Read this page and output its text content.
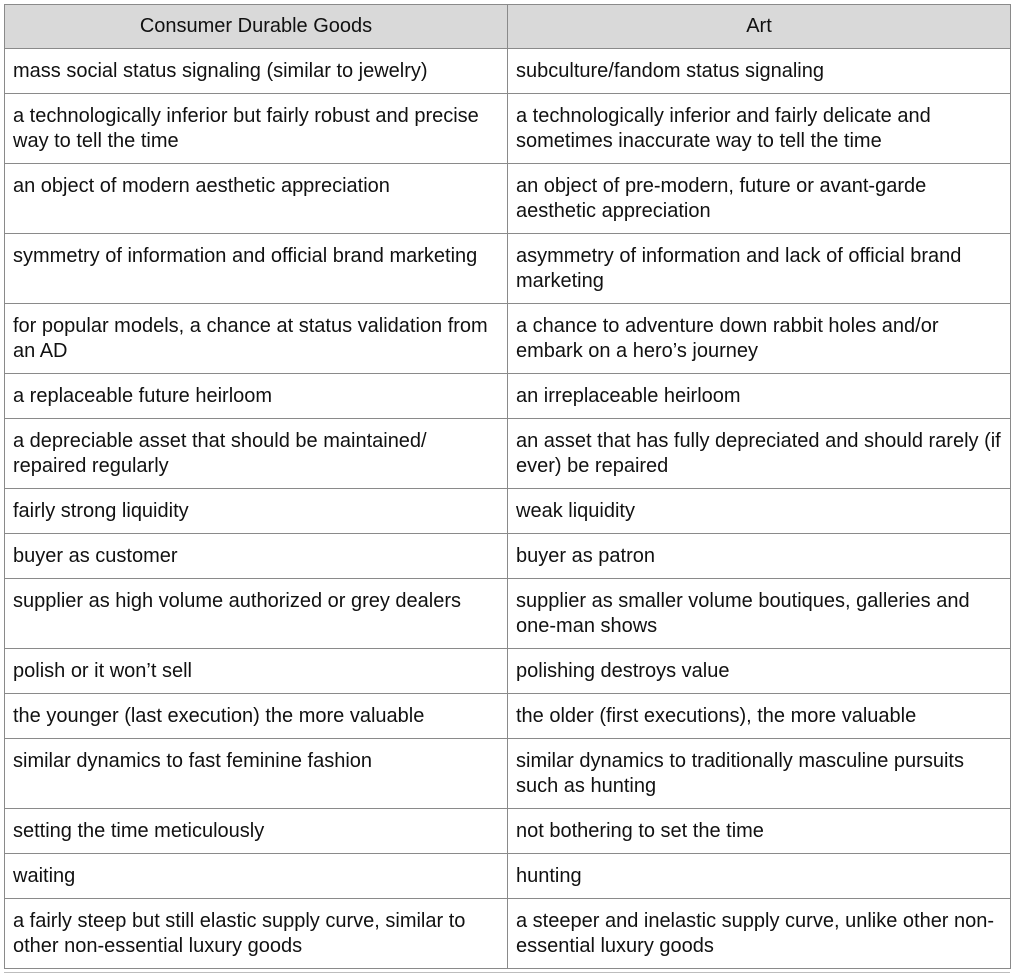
Consumer Durable Goods	Art
mass social status signaling (similar to jewelry)	subculture/fandom status signaling
a technologically inferior but fairly robust and precise way to tell the time	a technologically inferior and fairly delicate and sometimes inaccurate way to tell the time
an object of modern aesthetic appreciation	an object of pre-modern, future or avant-garde aesthetic appreciation
symmetry of information and official brand marketing	asymmetry of information and lack of official brand marketing
for popular models, a chance at status validation from an AD	a chance to adventure down rabbit holes and/or embark on a hero’s journey
a replaceable future heirloom	an irreplaceable heirloom
a depreciable asset that should be maintained/ repaired regularly	an asset that has fully depreciated and should rarely (if ever) be repaired
fairly strong liquidity	weak liquidity
buyer as customer	buyer as patron
supplier as high volume authorized or grey dealers	supplier as smaller volume boutiques, galleries and one-man shows
polish or it won’t sell	polishing destroys value
the younger (last execution) the more valuable	the older (first executions), the more valuable
similar dynamics to fast feminine fashion	similar dynamics to traditionally masculine pursuits such as hunting
setting the time meticulously	not bothering to set the time
waiting	hunting
a fairly steep but still elastic supply curve, similar to other non-essential luxury goods	a steeper and inelastic supply curve, unlike other non-essential luxury goods
